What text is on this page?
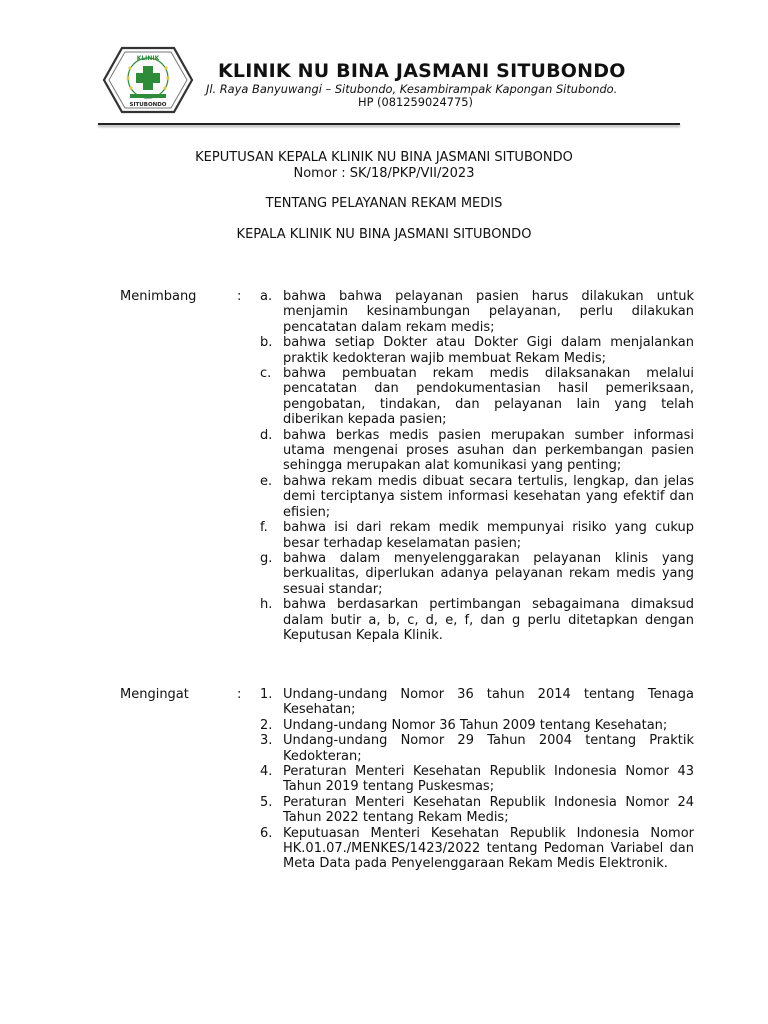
KLINIK
SITUBONDO
KLINIK NU BINA JASMANI SITUBONDO
Jl. Raya Banyuwangi – Situbondo, Kesambirampak Kapongan Situbondo.
HP (081259024775)
KEPUTUSAN KEPALA KLINIK NU BINA JASMANI SITUBONDO
Nomor : SK/18/PKP/VII/2023
TENTANG PELAYANAN REKAM MEDIS
KEPALA KLINIK NU BINA JASMANI SITUBONDO
Menimbang	: a. bahwa bahwa pelayanan pasien harus dilakukan untuk menjamin kesinambungan pelayanan, perlu dilakukan pencatatan dalam rekam medis;
b. bahwa setiap Dokter atau Dokter Gigi dalam menjalankan praktik kedokteran wajib membuat Rekam Medis;
c. bahwa pembuatan rekam medis dilaksanakan melalui pencatatan dan pendokumentasian hasil pemeriksaan, pengobatan, tindakan, dan pelayanan lain yang telah diberikan kepada pasien;
d. bahwa berkas medis pasien merupakan sumber informasi utama mengenai proses asuhan dan perkembangan pasien sehingga merupakan alat komunikasi yang penting;
e. bahwa rekam medis dibuat secara tertulis, lengkap, dan jelas demi terciptanya sistem informasi kesehatan yang efektif dan efisien;
f.	bahwa isi dari rekam medik mempunyai risiko yang cukup besar terhadap keselamatan pasien;
g. bahwa dalam menyelenggarakan pelayanan klinis yang berkualitas, diperlukan adanya pelayanan rekam medis yang sesuai standar;
h. bahwa berdasarkan pertimbangan sebagaimana dimaksud dalam butir a, b, c, d, e, f, dan g perlu ditetapkan dengan Keputusan Kepala Klinik.
Mengingat	: 1. Undang-undang Nomor 36 tahun 2014 tentang Tenaga Kesehatan;
2. Undang-undang Nomor 36 Tahun 2009 tentang Kesehatan;
3. Undang-undang Nomor 29 Tahun 2004 tentang Praktik Kedokteran;
4. Peraturan Menteri Kesehatan Republik Indonesia Nomor 43 Tahun 2019 tentang Puskesmas;
5. Peraturan Menteri Kesehatan Republik Indonesia Nomor 24 Tahun 2022 tentang Rekam Medis;
6. Keputuasan Menteri Kesehatan Republik Indonesia Nomor HK.01.07./MENKES/1423/2022 tentang Pedoman Variabel dan Meta Data pada Penyelenggaraan Rekam Medis Elektronik.
